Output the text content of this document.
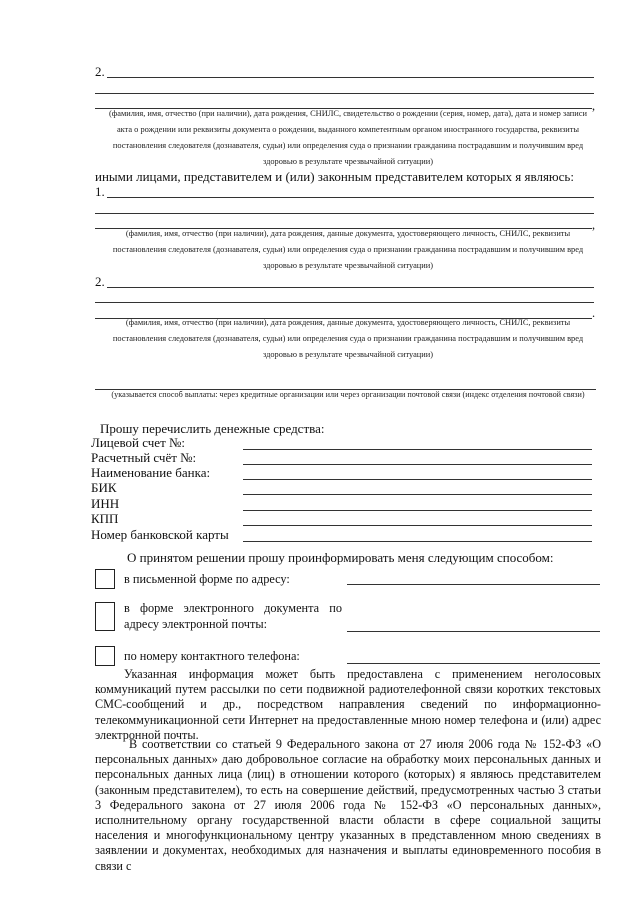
2.
,
(фамилия, имя, отчество (при наличии), дата рождения, СНИЛС, свидетельство о рождении (серия, номер, дата), дата и номер записи
акта о рождении или реквизиты документа о рождении, выданного компетентным органом иностранного государства, реквизиты
постановления следователя (дознавателя, судьи) или определения суда о признании гражданина пострадавшим и получившим вред
здоровью в результате чрезвычайной ситуации)
иными лицами, представителем и (или) законным представителем которых я являюсь:
1.
,
(фамилия, имя, отчество (при наличии), дата рождения, данные документа, удостоверяющего личность, СНИЛС, реквизиты
постановления следователя (дознавателя, судьи) или определения суда о признании гражданина пострадавшим и получившим вред
здоровью в результате чрезвычайной ситуации)
2.
.
(фамилия, имя, отчество (при наличии), дата рождения, данные документа, удостоверяющего личность, СНИЛС, реквизиты
постановления следователя (дознавателя, судьи) или определения суда о признании гражданина пострадавшим и получившим вред
здоровью в результате чрезвычайной ситуации)
(указывается способ выплаты: через кредитные организации или через организации почтовой связи (индекс отделения почтовой связи)
Прошу перечислить денежные средства:
Лицевой счет №:
Расчетный счёт №:
Наименование банка:
БИК
ИНН
КПП
Номер банковской карты
О принятом решении прошу проинформировать меня следующим способом:
в письменной форме по адресу:
в форме электронного документа по
адресу электронной почты:
по номеру контактного телефона:
Указанная информация может быть предоставлена с применением неголосовых коммуникаций путем рассылки по сети подвижной радиотелефонной связи коротких текстовых СМС-сообщений и др., посредством направления сведений по информационно-телекоммуникационной сети Интернет на предоставленные мною номер телефона и (или) адрес электронной почты.
В соответствии со статьей 9 Федерального закона от 27 июля 2006 года № 152-ФЗ «О персональных данных» даю добровольное согласие на обработку моих персональных данных и персональных данных лица (лиц) в отношении которого (которых) я являюсь представителем (законным представителем), то есть на совершение действий, предусмотренных частью 3 статьи 3 Федерального закона от 27 июля 2006 года № 152-ФЗ «О персональных данных», исполнительному органу государственной власти области в сфере социальной защиты населения и многофункциональному центру указанных в представленном мною сведениях в заявлении и документах, необходимых для назначения и выплаты единовременного пособия в связи с
